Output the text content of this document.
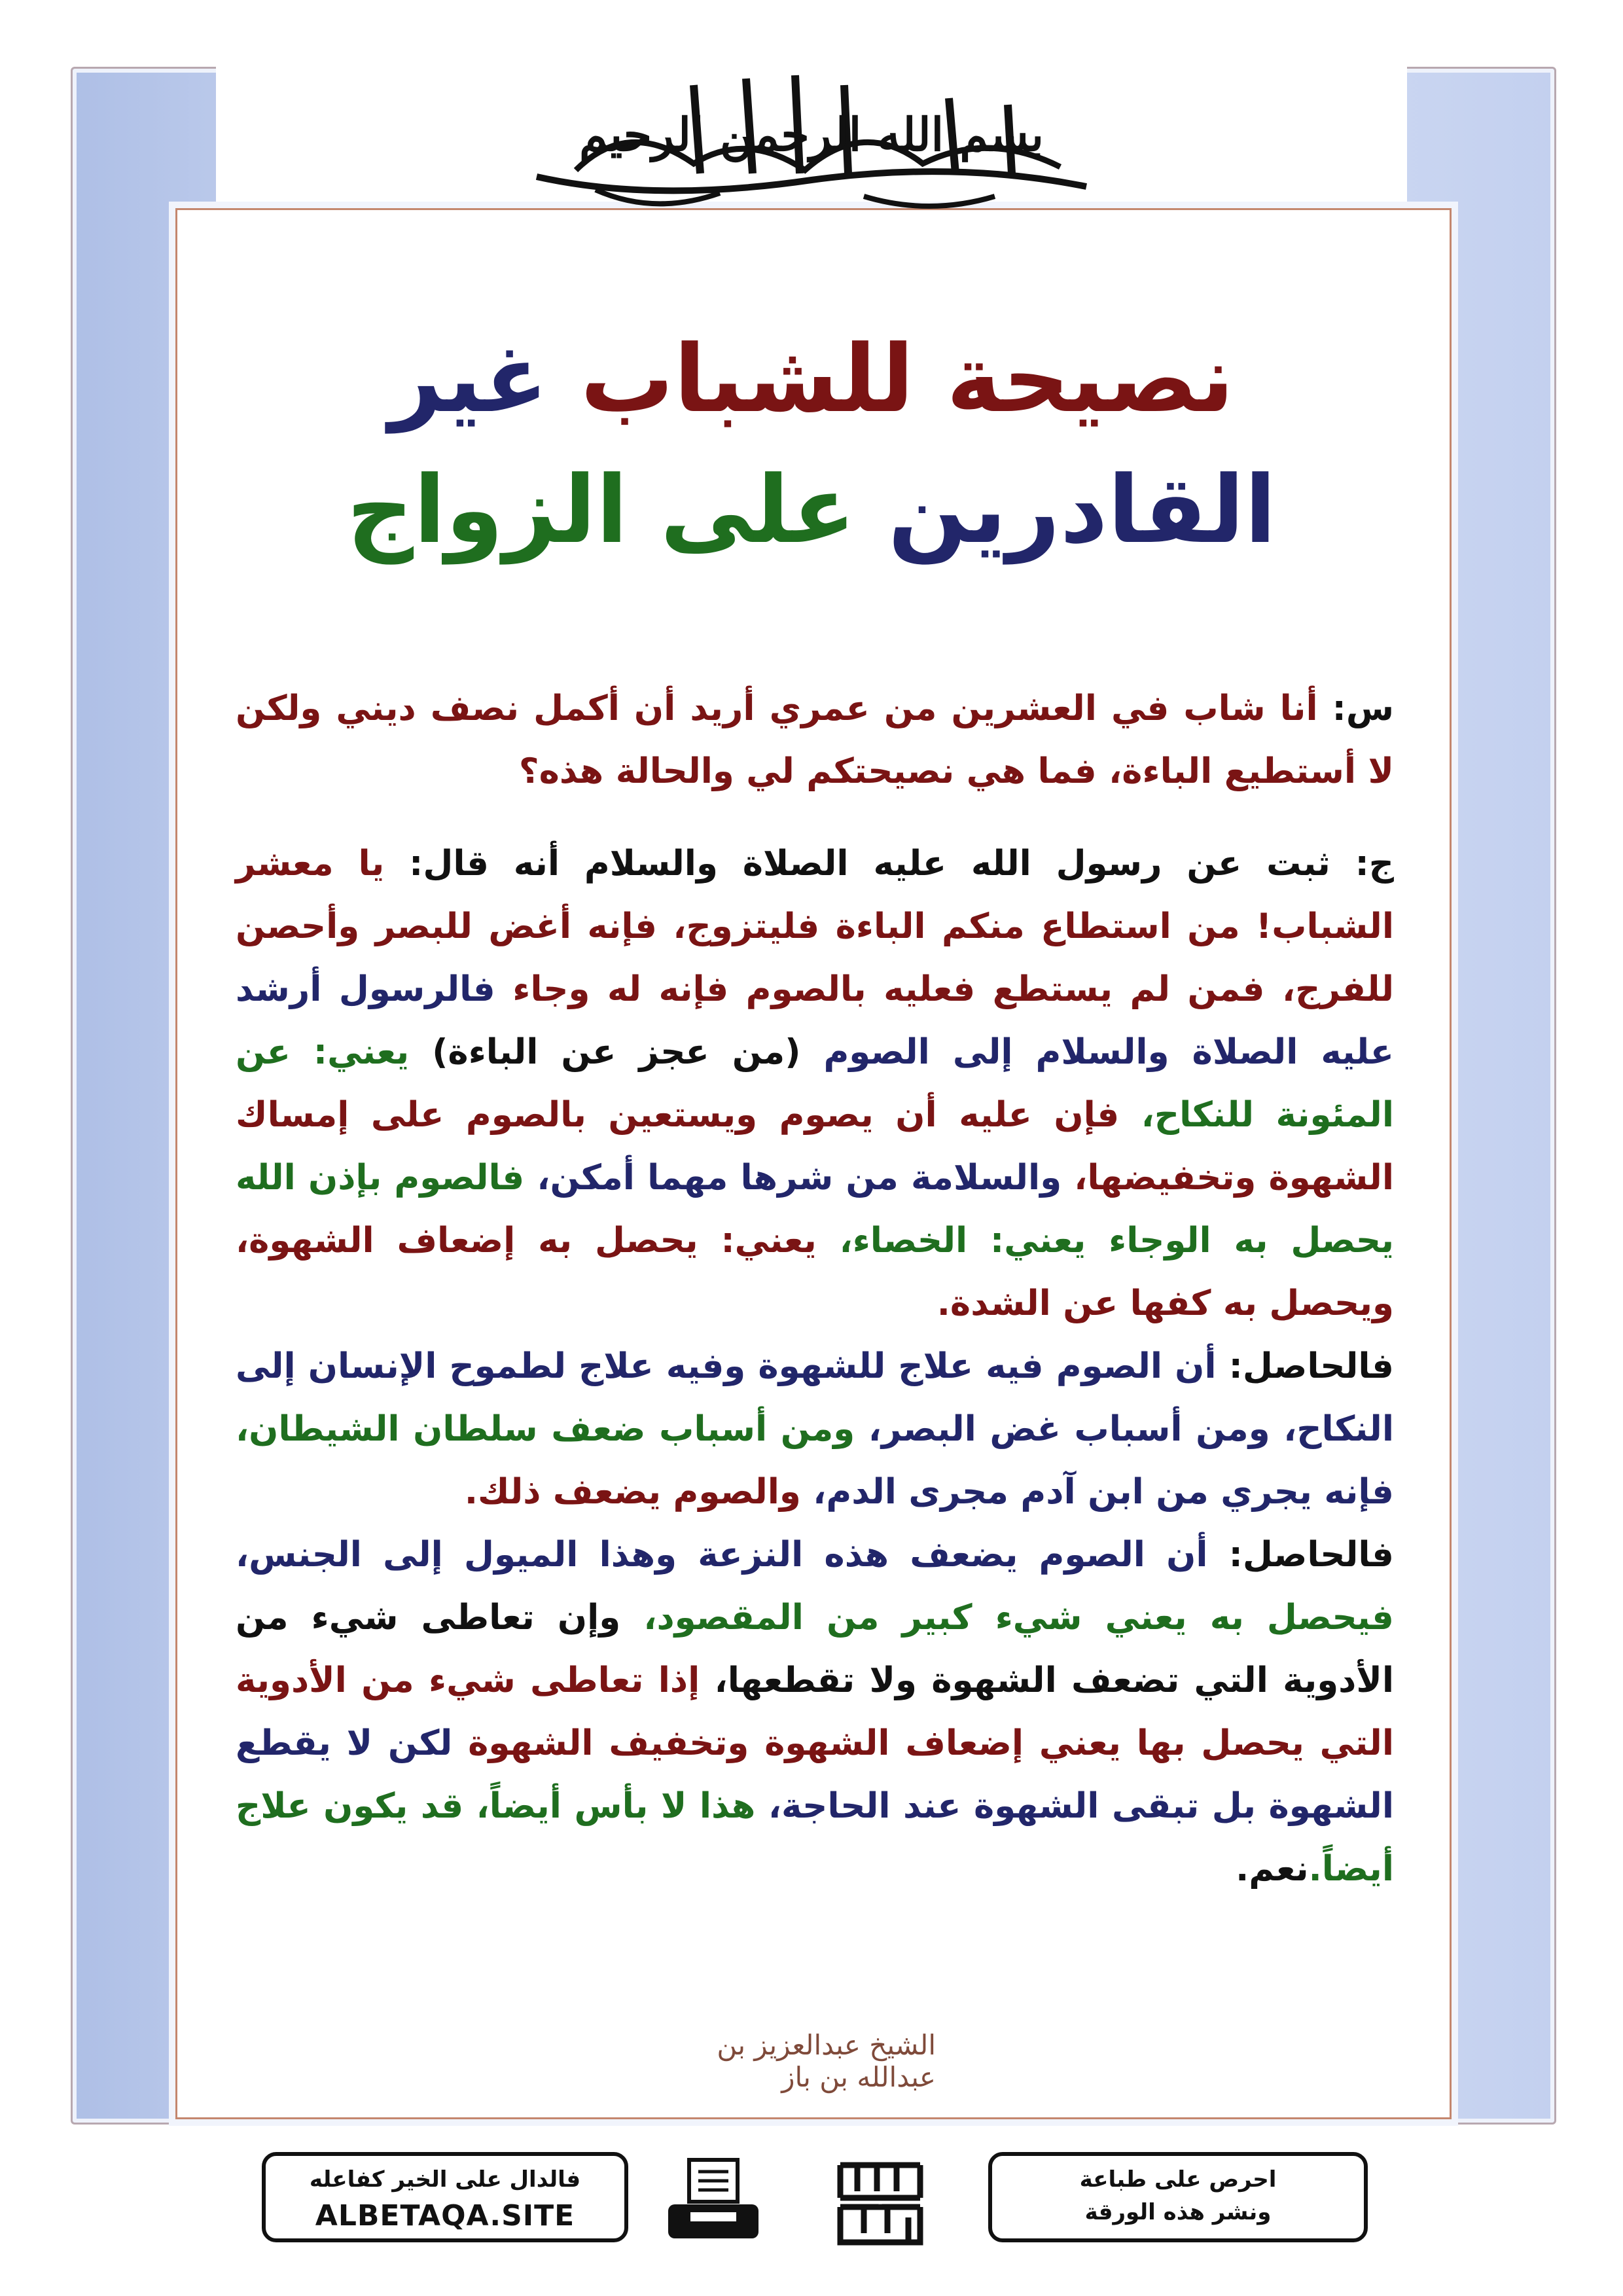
بسم الله الرحمن الرحيم
نصيحة للشباب غير
القادرين على الزواج

س: أنا شاب في العشرين من عمري أريد أن أكمل نصف ديني ولكن لا أستطيع الباءة، فما هي نصيحتكم لي والحالة هذه؟

ج: ثبت عن رسول الله عليه الصلاة والسلام أنه قال: يا معشر الشباب! من استطاع منكم الباءة فليتزوج، فإنه أغض للبصر وأحصن للفرج، فمن لم يستطع فعليه بالصوم فإنه له وجاء فالرسول أرشد عليه الصلاة والسلام إلى الصوم (من عجز عن الباءة) يعني: عن المئونة للنكاح، فإن عليه أن يصوم ويستعين بالصوم على إمساك الشهوة وتخفيضها، والسلامة من شرها مهما أمكن، فالصوم بإذن الله يحصل به الوجاء يعني: الخصاء، يعني: يحصل به إضعاف الشهوة، ويحصل به كفها عن الشدة.

فالحاصل: أن الصوم فيه علاج للشهوة وفيه علاج لطموح الإنسان إلى النكاح، ومن أسباب غض البصر، ومن أسباب ضعف سلطان الشيطان، فإنه يجري من ابن آدم مجرى الدم، والصوم يضعف ذلك.

فالحاصل: أن الصوم يضعف هذه النزعة وهذا الميول إلى الجنس، فيحصل به يعني شيء كبير من المقصود، وإن تعاطى شيء من الأدوية التي تضعف الشهوة ولا تقطعها، إذا تعاطى شيء من الأدوية التي يحصل بها يعني إضعاف الشهوة وتخفيف الشهوة لكن لا يقطع الشهوة بل تبقى الشهوة عند الحاجة، هذا لا بأس أيضاً، قد يكون علاج أيضاً.نعم.

الشيخ عبدالعزيز بن عبدالله بن باز
فالدال على الخير كفاعله
ALBETAQA.SITE	دعوة الورقة
احرص على طباعة
ونشر هذه الورقة
